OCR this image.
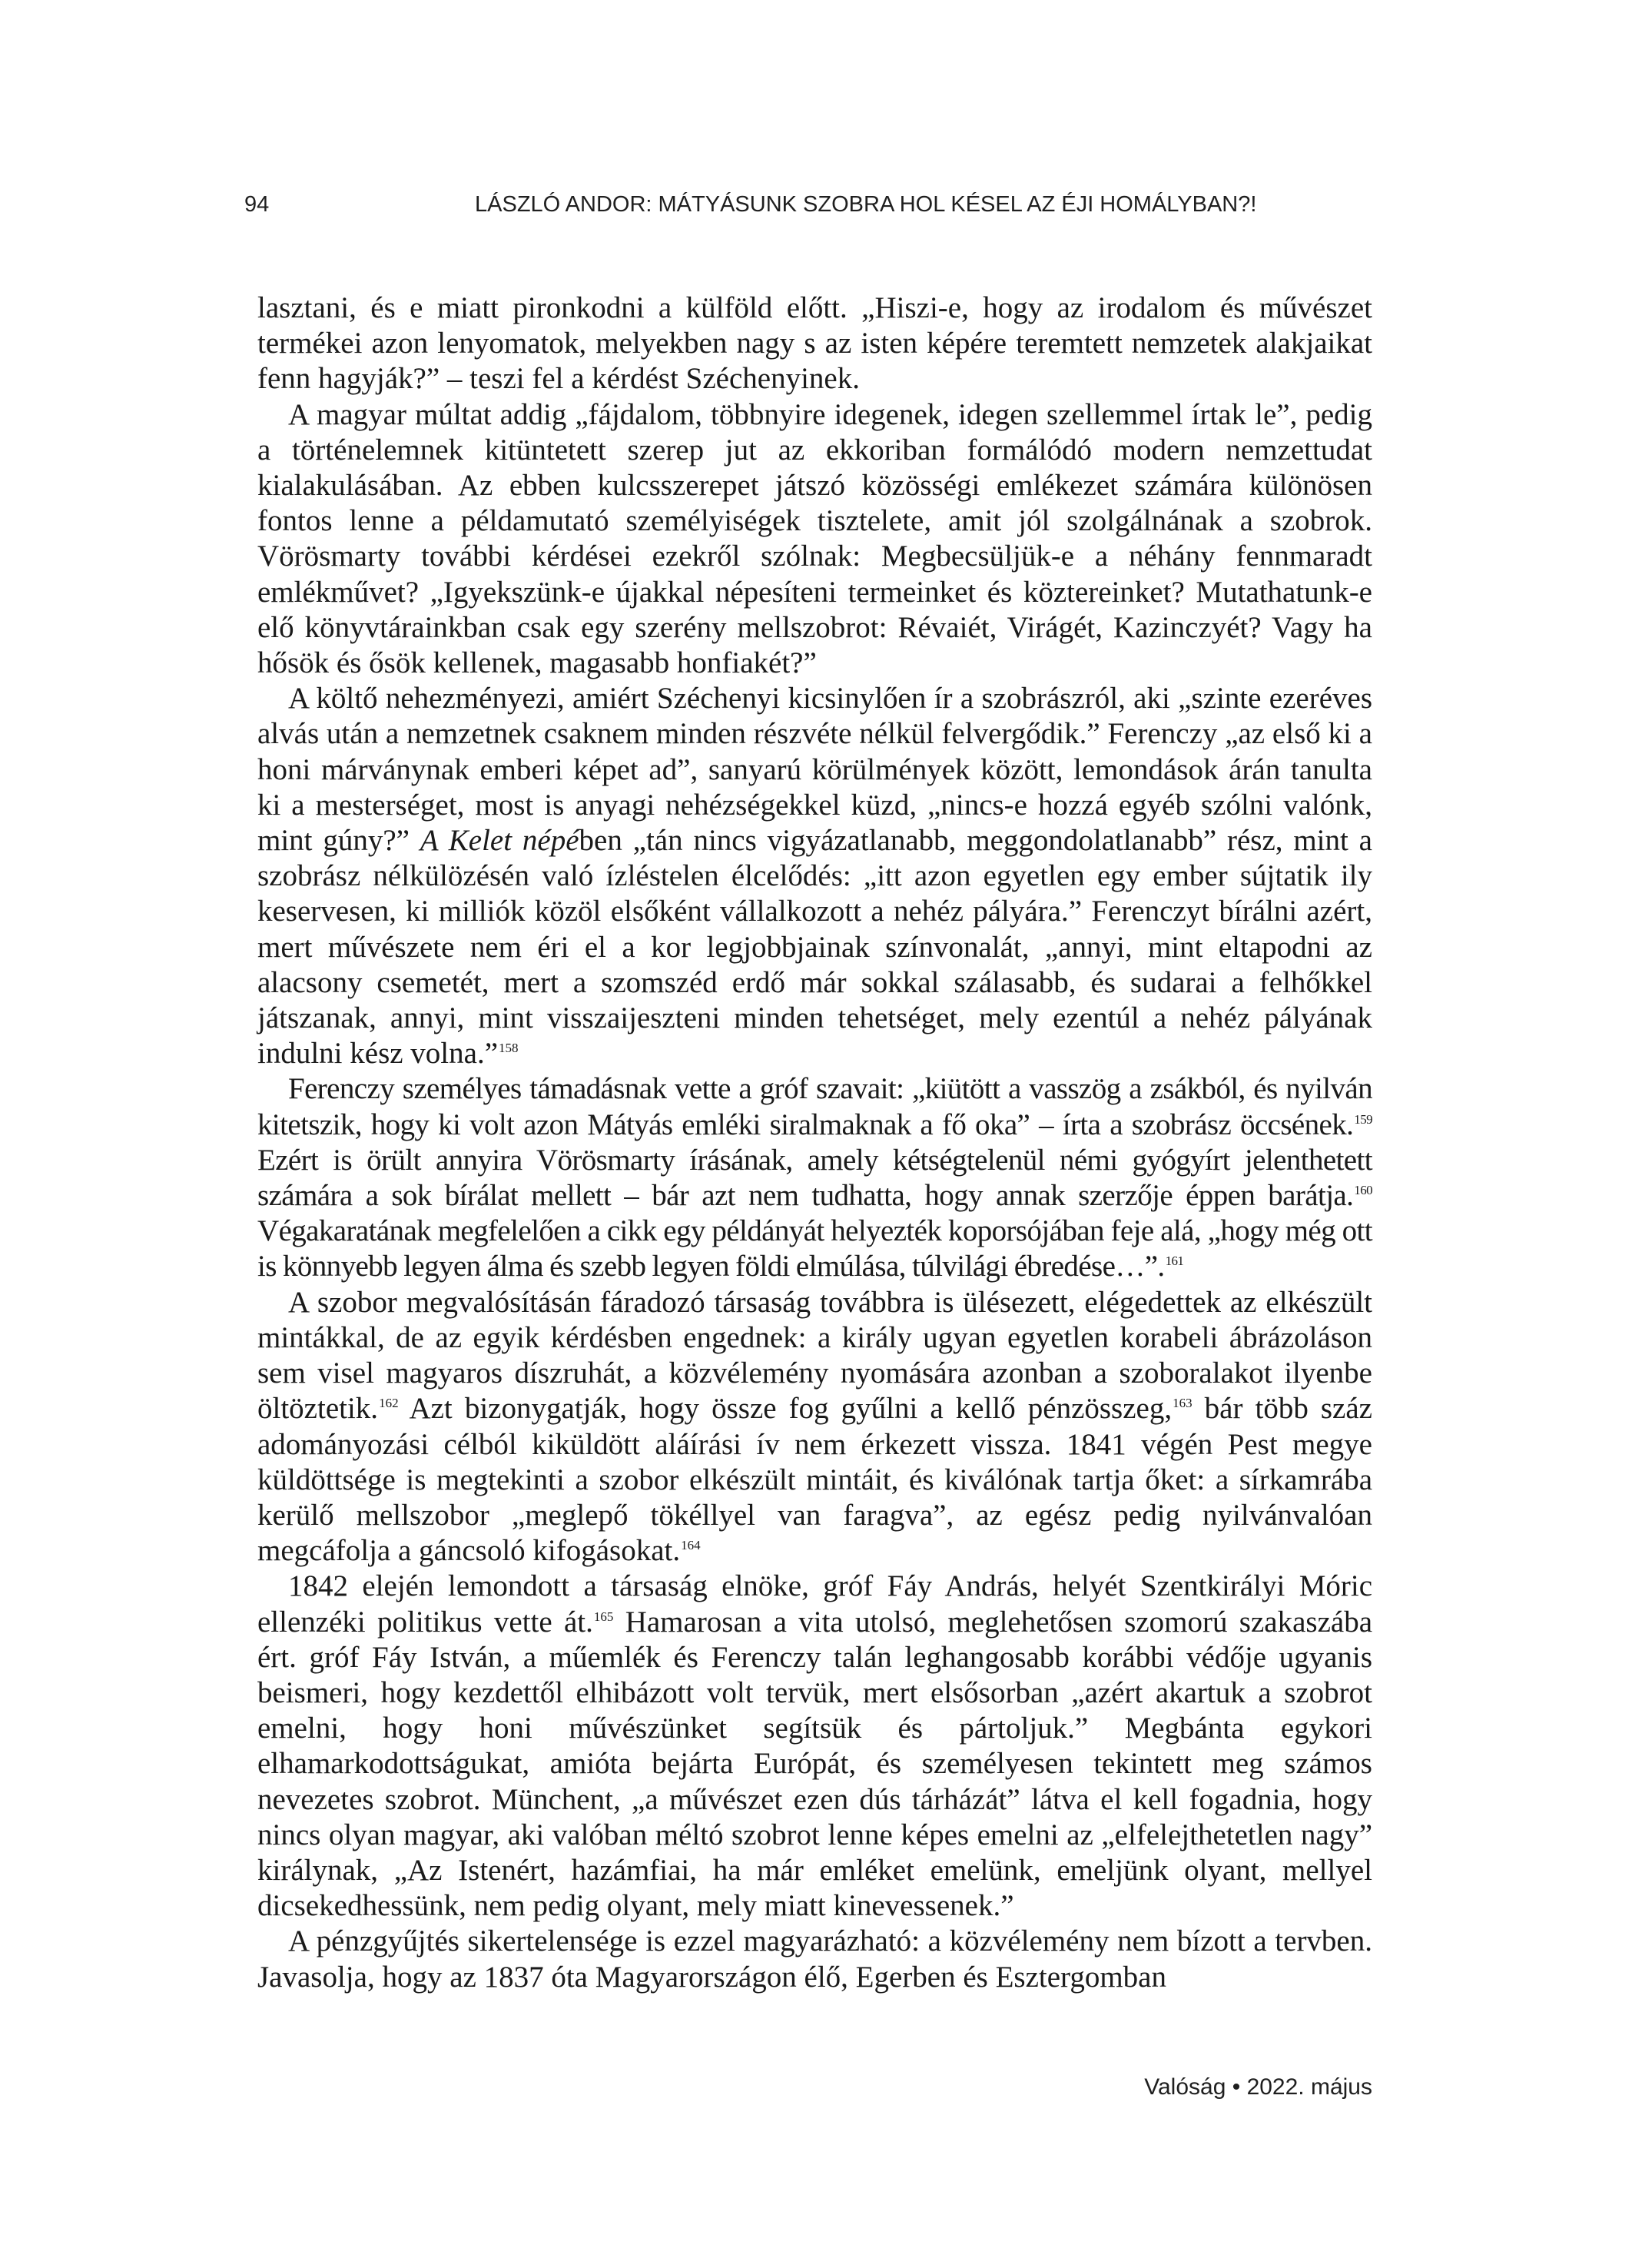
94	LÁSZLÓ ANDOR: MÁTYÁSUNK SZOBRA HOL KÉSEL AZ ÉJI HOMÁLYBAN?!

lasztani, és e miatt pironkodni a külföld előtt. „Hiszi-e, hogy az irodalom és művészet termékei azon lenyomatok, melyekben nagy s az isten képére teremtett nemzetek alakjaikat fenn hagyják?” – teszi fel a kérdést Széchenyinek.

A magyar múltat addig „fájdalom, többnyire idegenek, idegen szellemmel írtak le”, pedig a történelemnek kitüntetett szerep jut az ekkoriban formálódó modern nemzettudat kialakulásában. Az ebben kulcsszerepet játszó közösségi emlékezet számára különösen fontos lenne a példamutató személyiségek tisztelete, amit jól szolgálnának a szobrok. Vörösmarty további kérdései ezekről szólnak: Megbecsüljük-e a néhány fennmaradt emlékművet? „Igyekszünk-e újakkal népesíteni termeinket és köztereinket? Mutathatunk-e elő könyvtárainkban csak egy szerény mellszobrot: Révaiét, Virágét, Kazinczyét? Vagy ha hősök és ősök kellenek, magasabb honfiakét?”

A költő nehezményezi, amiért Széchenyi kicsinylően ír a szobrászról, aki „szinte ezeréves alvás után a nemzetnek csaknem minden részvéte nélkül felvergődik.” Ferenczy „az első ki a honi márványnak emberi képet ad”, sanyarú körülmények között, lemondások árán tanulta ki a mesterséget, most is anyagi nehézségekkel küzd, „nincs-e hozzá egyéb szólni valónk, mint gúny?” A Kelet népében „tán nincs vigyázatlanabb, meggondolatlanabb” rész, mint a szobrász nélkülözésén való ízléstelen élcelődés: „itt azon egyetlen egy ember sújtatik ily keservesen, ki milliók közöl elsőként vállalkozott a nehéz pályára.” Ferenczyt bírálni azért, mert művészete nem éri el a kor legjobbjainak színvonalát, „annyi, mint eltapodni az alacsony csemetét, mert a szomszéd erdő már sokkal szálasabb, és sudarai a felhőkkel játszanak, annyi, mint visszaijeszteni minden tehetséget, mely ezentúl a nehéz pályának indulni kész volna.”$^{158}$

Ferenczy személyes támadásnak vette a gróf szavait: „kiütött a vasszög a zsákból, és nyilván kitetszik, hogy ki volt azon Mátyás emléki siralmaknak a fő oka” – írta a szobrász öccsének.$^{159}$ Ezért is örült annyira Vörösmarty írásának, amely kétségtelenül némi gyógyírt jelenthetett számára a sok bírálat mellett – bár azt nem tudhatta, hogy annak szerzője éppen barátja.$^{160}$ Végakaratának megfelelően a cikk egy példányát helyezték koporsójában feje alá, „hogy még ott is könnyebb legyen álma és szebb legyen földi elmúlása, túlvilági ébredése…”.$^{161}$

A szobor megvalósításán fáradozó társaság továbbra is ülésezett, elégedettek az elkészült mintákkal, de az egyik kérdésben engednek: a király ugyan egyetlen korabeli ábrázoláson sem visel magyaros díszruhát, a közvélemény nyomására azonban a szoboralakot ilyenbe öltöztetik.$^{162}$ Azt bizonygatják, hogy össze fog gyűlni a kellő pénzösszeg,$^{163}$ bár több száz adományozási célból kiküldött aláírási ív nem érkezett vissza. 1841 végén Pest megye küldöttsége is megtekinti a szobor elkészült mintáit, és kiválónak tartja őket: a sírkamrába kerülő mellszobor „meglepő tökéllyel van faragva”, az egész pedig nyilvánvalóan megcáfolja a gáncsoló kifogásokat.$^{164}$

1842 elején lemondott a társaság elnöke, gróf Fáy András, helyét Szentkirályi Móric ellenzéki politikus vette át.$^{165}$ Hamarosan a vita utolsó, meglehetősen szomorú szakaszába ért. gróf Fáy István, a műemlék és Ferenczy talán leghangosabb korábbi védője ugyanis beismeri, hogy kezdettől elhibázott volt tervük, mert elsősorban „azért akartuk a szobrot emelni, hogy honi művészünket segítsük és pártoljuk.” Megbánta egykori elhamarkodottságukat, amióta bejárta Európát, és személyesen tekintett meg számos nevezetes szobrot. Münchent, „a művészet ezen dús tárházát” látva el kell fogadnia, hogy nincs olyan magyar, aki valóban méltó szobrot lenne képes emelni az „elfelejthetetlen nagy” királynak, „Az Istenért, hazámfiai, ha már emléket emelünk, emeljünk olyant, mellyel dicsekedhessünk, nem pedig olyant, mely miatt kinevessenek.”

A pénzgyűjtés sikertelensége is ezzel magyarázható: a közvélemény nem bízott a tervben. Javasolja, hogy az 1837 óta Magyarországon élő, Egerben és Esztergomban

Valóság • 2022. május
